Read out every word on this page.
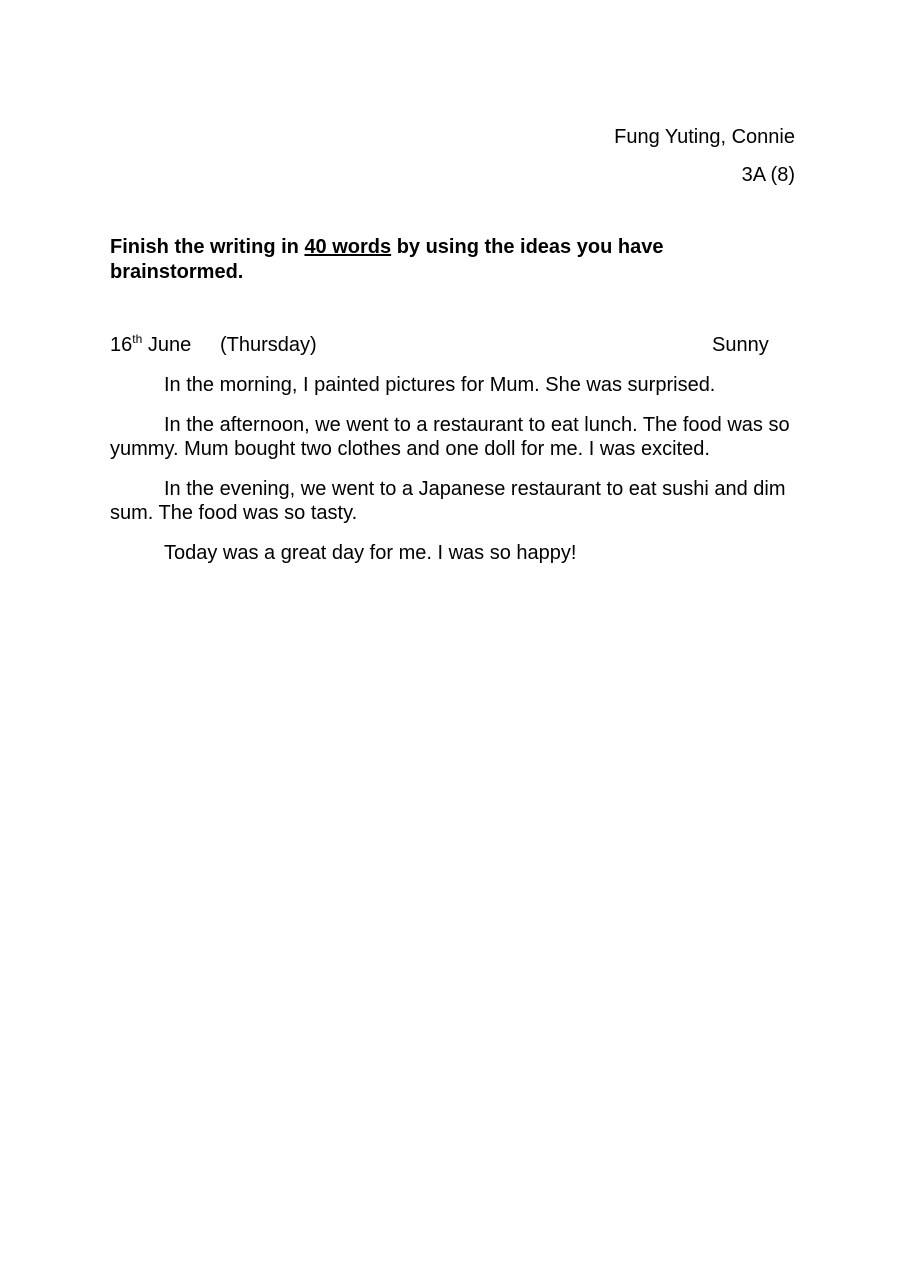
Fung Yuting, Connie
3A (8)
Finish the writing in 40 words by using the ideas you have brainstormed.
16th June (Thursday)	Sunny

In the morning, I painted pictures for Mum. She was surprised.

In the afternoon, we went to a restaurant to eat lunch. The food was so yummy. Mum bought two clothes and one doll for me. I was excited.

In the evening, we went to a Japanese restaurant to eat sushi and dim sum. The food was so tasty.

Today was a great day for me. I was so happy!
